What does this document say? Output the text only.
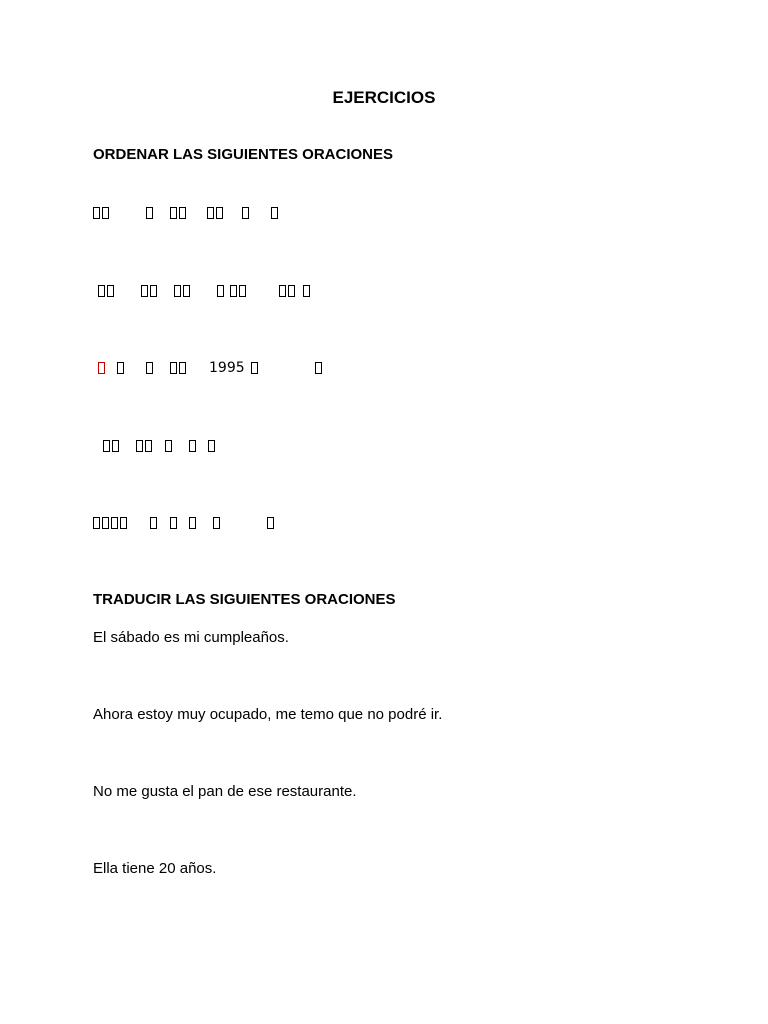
EJERCICIOS
ORDENAR LAS SIGUIENTES ORACIONES
1995
TRADUCIR LAS SIGUIENTES ORACIONES
El sábado es mi cumpleaños.
Ahora estoy muy ocupado, me temo que no podré ir.
No me gusta el pan de ese restaurante.
Ella tiene 20 años.
